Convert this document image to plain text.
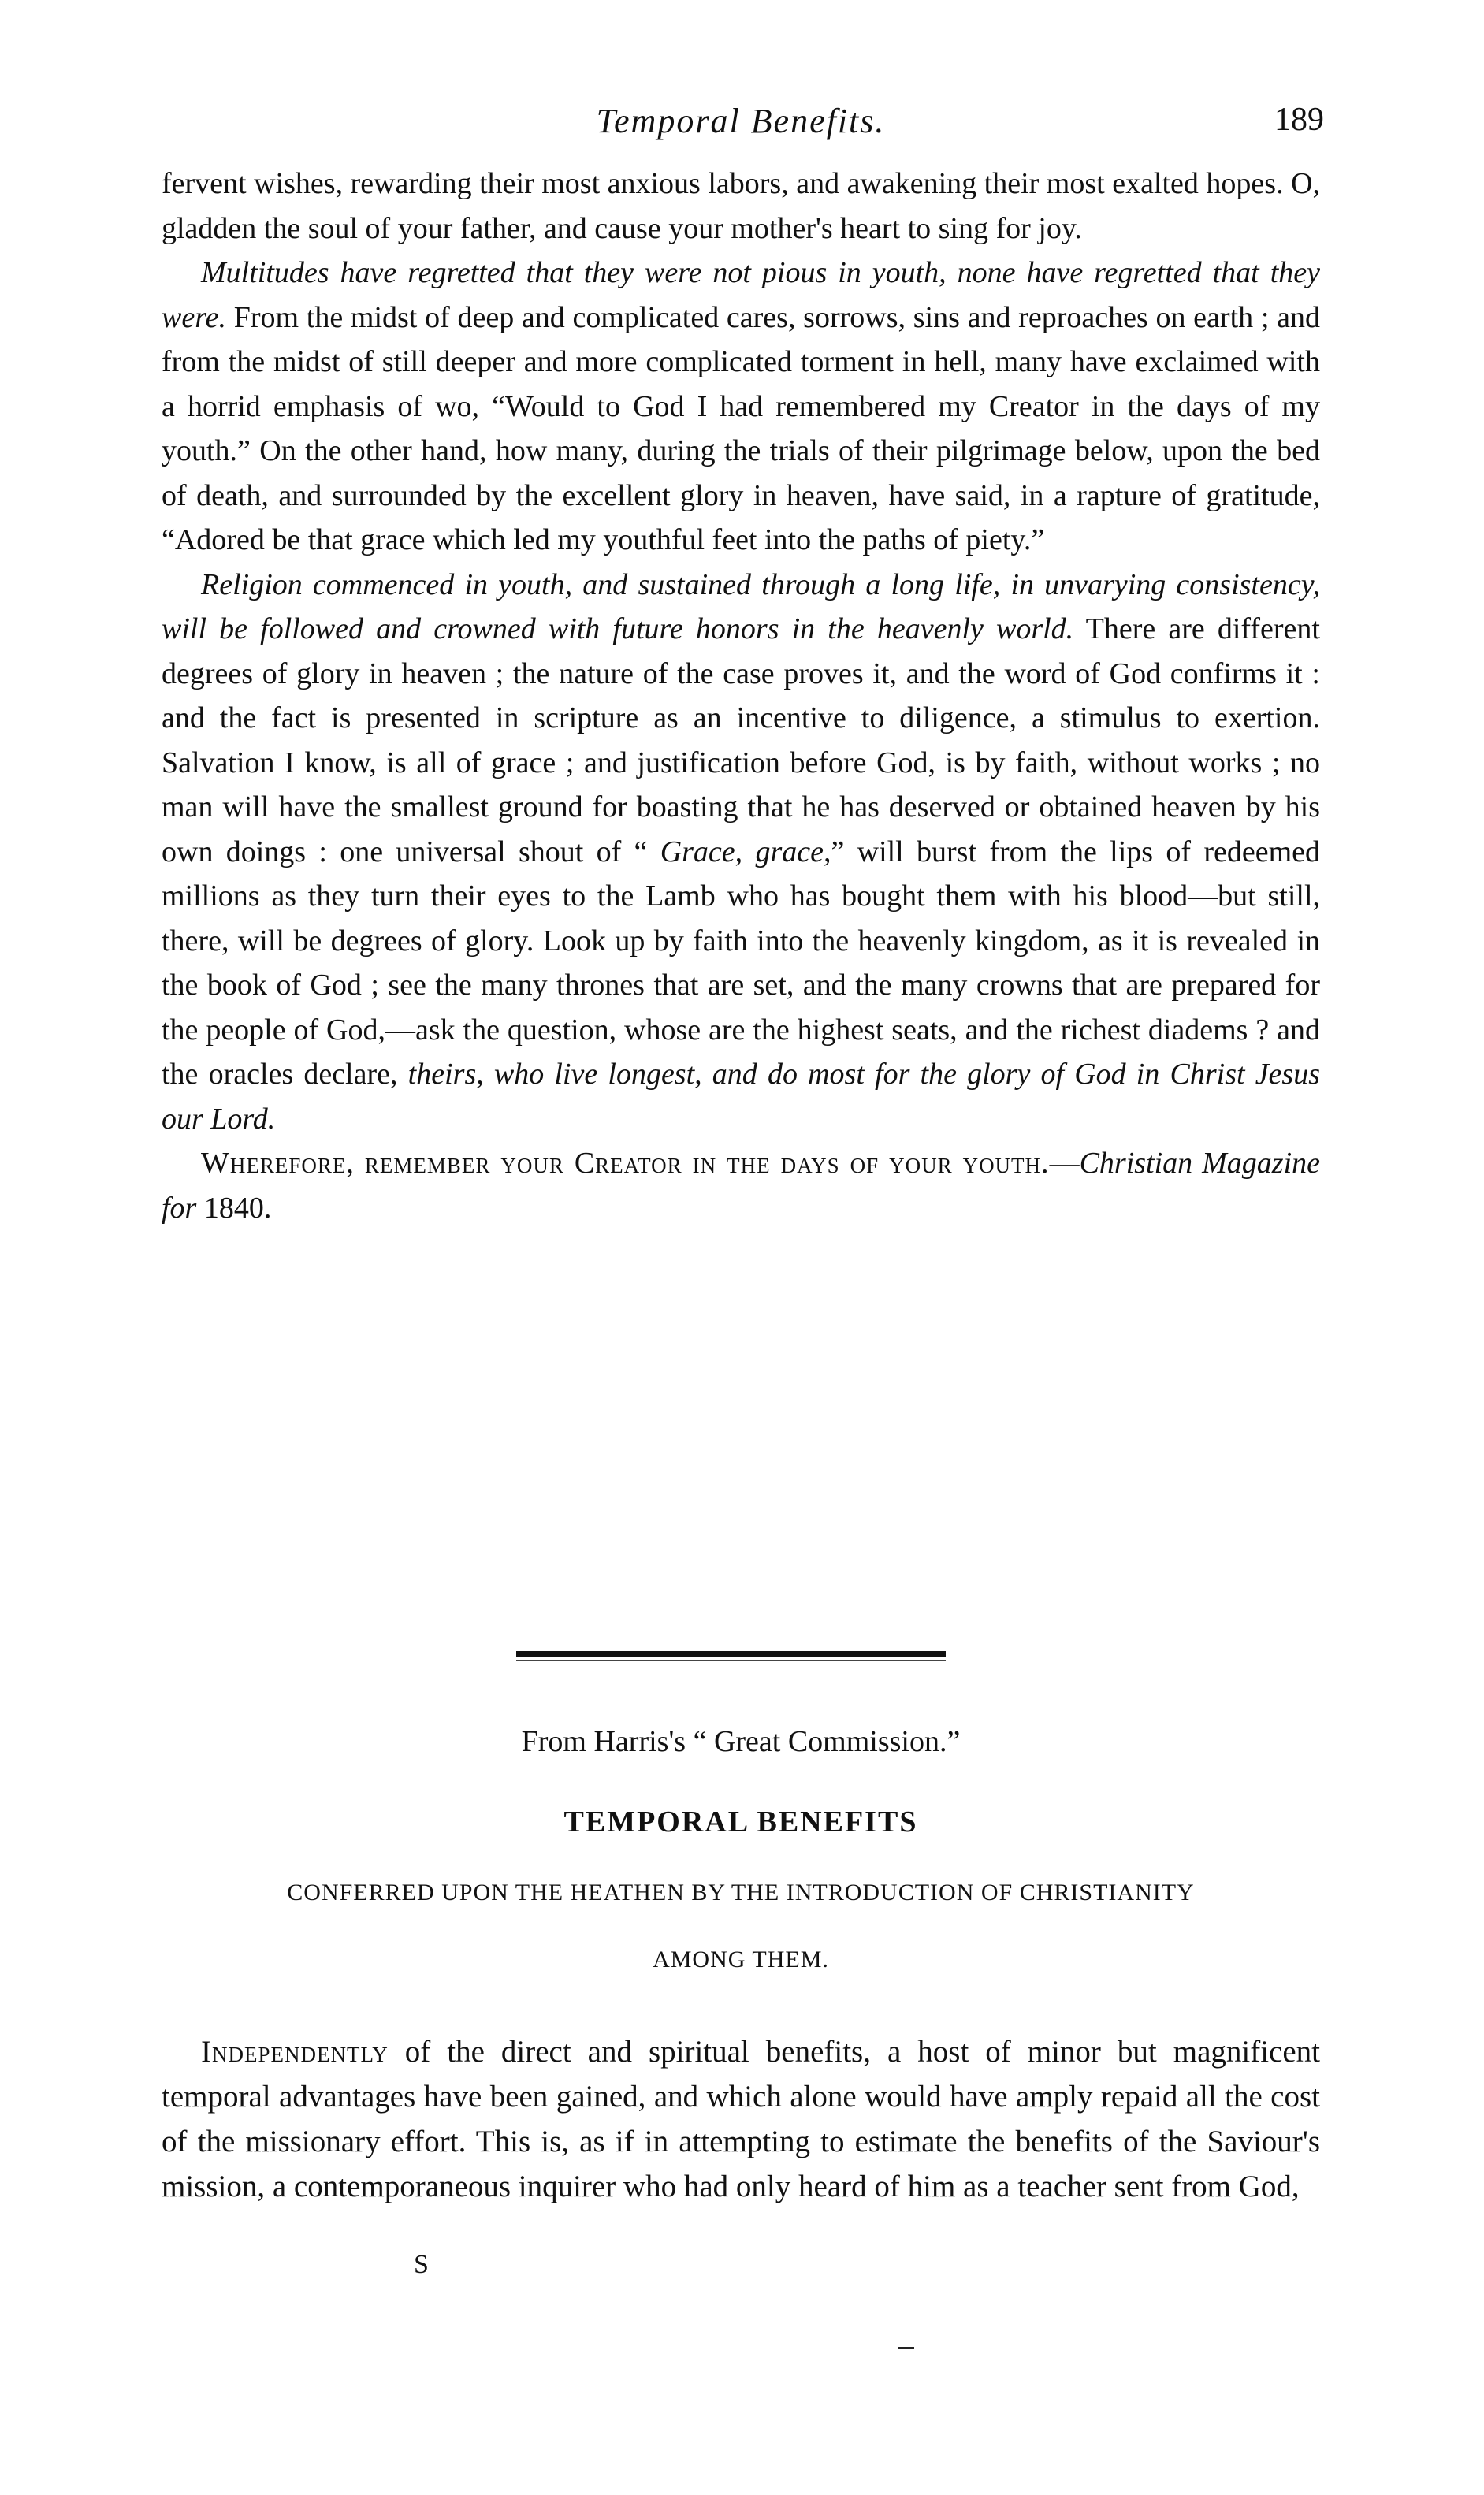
Temporal Benefits.	189

fervent wishes, rewarding their most anxious labors, and awakening their most exalted hopes. O, gladden the soul of your father, and cause your mother's heart to sing for joy.

Multitudes have regretted that they were not pious in youth, none have regretted that they were. From the midst of deep and complicated cares, sorrows, sins and reproaches on earth ; and from the midst of still deeper and more complicated torment in hell, many have exclaimed with a horrid emphasis of wo, “Would to God I had remembered my Creator in the days of my youth.” On the other hand, how many, during the trials of their pilgrimage below, upon the bed of death, and surrounded by the excellent glory in heaven, have said, in a rapture of gratitude, “Adored be that grace which led my youthful feet into the paths of piety.”

Religion commenced in youth, and sustained through a long life, in unvarying consistency, will be followed and crowned with future honors in the heavenly world. There are different degrees of glory in heaven ; the nature of the case proves it, and the word of God confirms it : and the fact is presented in scripture as an incentive to diligence, a stimulus to exertion. Salvation I know, is all of grace ; and justification before God, is by faith, without works ; no man will have the smallest ground for boasting that he has deserved or obtained heaven by his own doings : one universal shout of “ Grace, grace,” will burst from the lips of redeemed millions as they turn their eyes to the Lamb who has bought them with his blood—but still, there, will be degrees of glory. Look up by faith into the heavenly kingdom, as it is revealed in the book of God ; see the many thrones that are set, and the many crowns that are prepared for the people of God,—ask the question, whose are the highest seats, and the richest diadems ? and the oracles declare, theirs, who live longest, and do most for the glory of God in Christ Jesus our Lord.

Wherefore, remember your Creator in the days of your youth.—Christian Magazine for 1840.

From Harris's “ Great Commission.”
TEMPORAL BENEFITS
CONFERRED UPON THE HEATHEN BY THE INTRODUCTION OF CHRISTIANITY
AMONG THEM.

Independently of the direct and spiritual benefits, a host of minor but magnificent temporal advantages have been gained, and which alone would have amply repaid all the cost of the missionary effort. This is, as if in attempting to estimate the benefits of the Saviour's mission, a contemporaneous inquirer who had only heard of him as a teacher sent from God,

S
